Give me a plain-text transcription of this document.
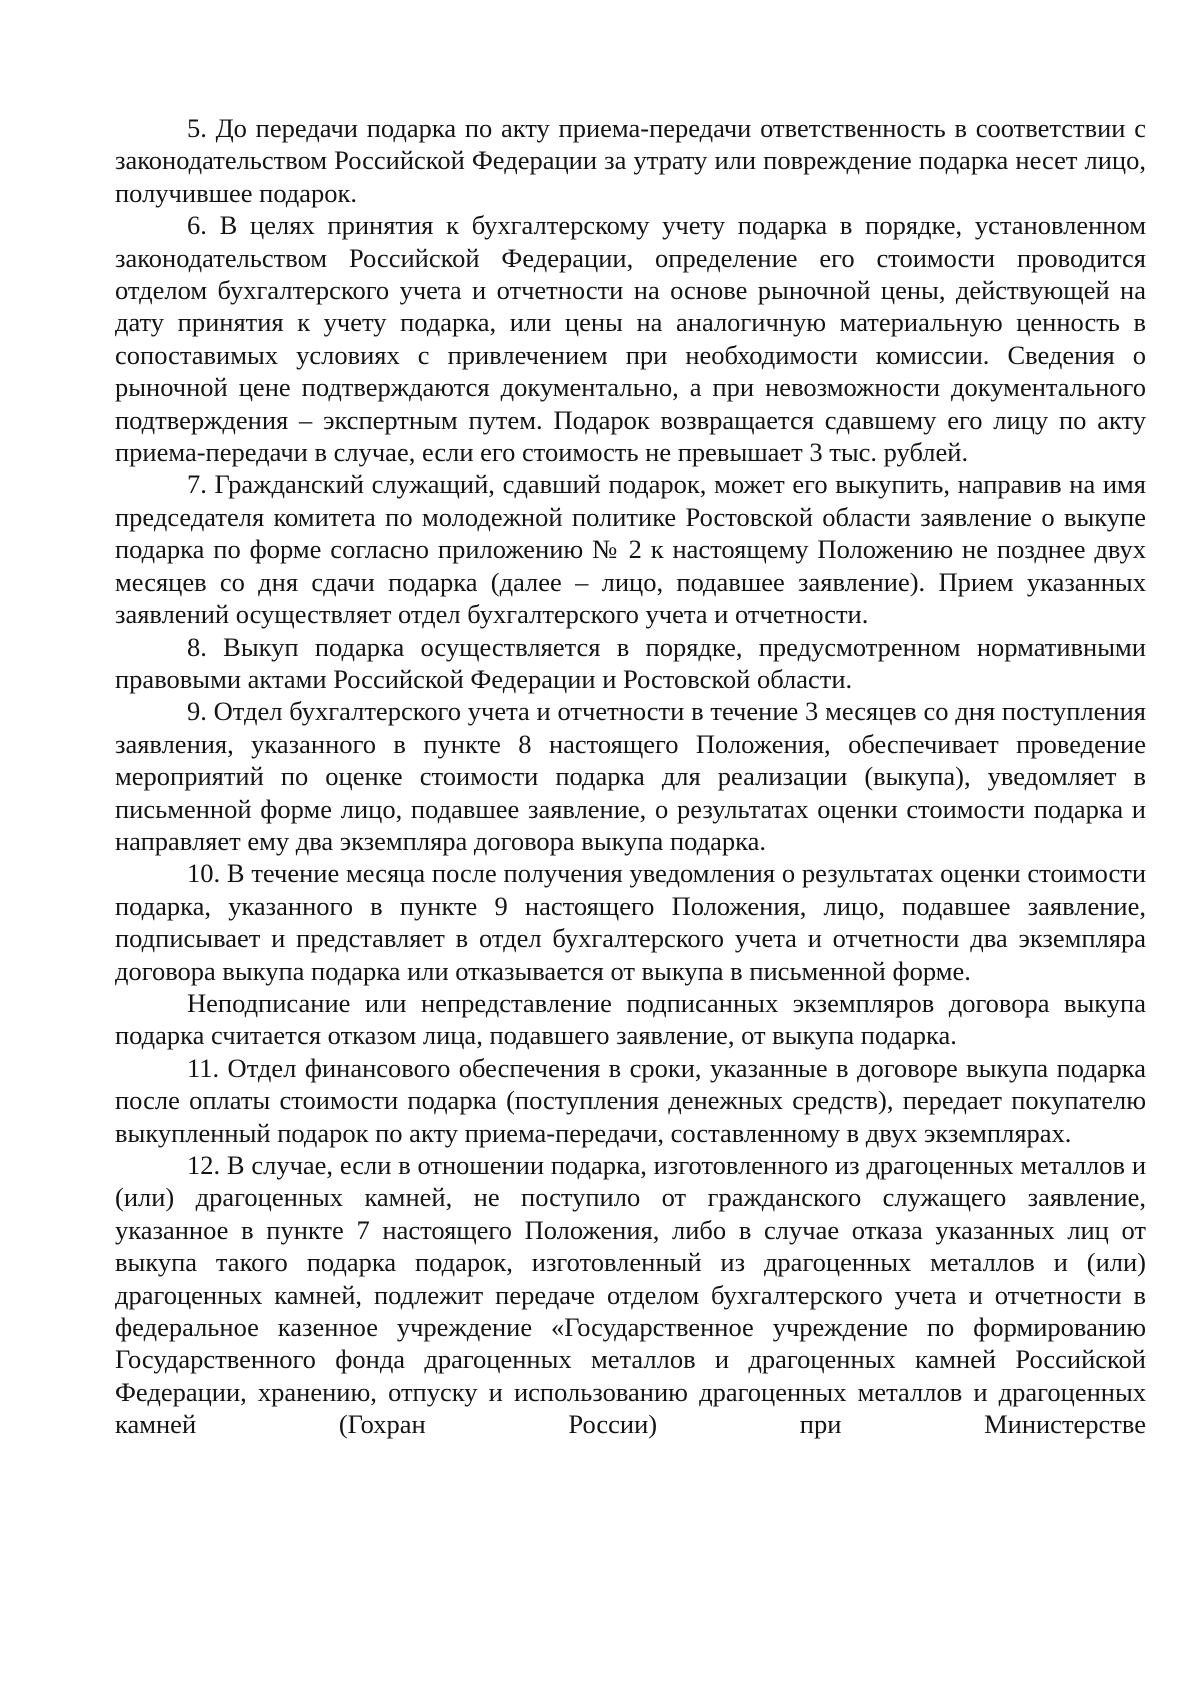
5. До передачи подарка по акту приема-передачи ответственность в соответствии с законодательством Российской Федерации за утрату или повреждение подарка несет лицо, получившее подарок.

6. В целях принятия к бухгалтерскому учету подарка в порядке, установленном законодательством Российской Федерации, определение его стоимости проводится отделом бухгалтерского учета и отчетности на основе рыночной цены, действующей на дату принятия к учету подарка, или цены на аналогичную материальную ценность в сопоставимых условиях с привлечением при необходимости комиссии. Сведения о рыночной цене подтверждаются документально, а при невозможности документального подтверждения – экспертным путем. Подарок возвращается сдавшему его лицу по акту приема-передачи в случае, если его стоимость не превышает 3 тыс. рублей.

7. Гражданский служащий, сдавший подарок, может его выкупить, направив на имя председателя комитета по молодежной политике Ростовской области заявление о выкупе подарка по форме согласно приложению № 2 к настоящему Положению не позднее двух месяцев со дня сдачи подарка (далее – лицо, подавшее заявление). Прием указанных заявлений осуществляет отдел бухгалтерского учета и отчетности.

8. Выкуп подарка осуществляется в порядке, предусмотренном нормативными правовыми актами Российской Федерации и Ростовской области.

9. Отдел бухгалтерского учета и отчетности в течение 3 месяцев со дня поступления заявления, указанного в пункте 8 настоящего Положения, обеспечивает проведение мероприятий по оценке стоимости подарка для реализации (выкупа), уведомляет в письменной форме лицо, подавшее заявление, о результатах оценки стоимости подарка и направляет ему два экземпляра договора выкупа подарка.

10. В течение месяца после получения уведомления о результатах оценки стоимости подарка, указанного в пункте 9 настоящего Положения, лицо, подавшее заявление, подписывает и представляет в отдел бухгалтерского учета и отчетности два экземпляра договора выкупа подарка или отказывается от выкупа в письменной форме.

Неподписание или непредставление подписанных экземпляров договора выкупа подарка считается отказом лица, подавшего заявление, от выкупа подарка.

11. Отдел финансового обеспечения в сроки, указанные в договоре выкупа подарка после оплаты стоимости подарка (поступления денежных средств), передает покупателю выкупленный подарок по акту приема-передачи, составленному в двух экземплярах.

12. В случае, если в отношении подарка, изготовленного из драгоценных металлов и (или) драгоценных камней, не поступило от гражданского служащего заявление, указанное в пункте 7 настоящего Положения, либо в случае отказа указанных лиц от выкупа такого подарка подарок, изготовленный из драгоценных металлов и (или) драгоценных камней, подлежит передаче отделом бухгалтерского учета и отчетности в федеральное казенное учреждение «Государственное учреждение по формированию Государственного фонда драгоценных металлов и драгоценных камней Российской Федерации, хранению, отпуску и использованию драгоценных металлов и драгоценных камней (Гохран России) при Министерстве
